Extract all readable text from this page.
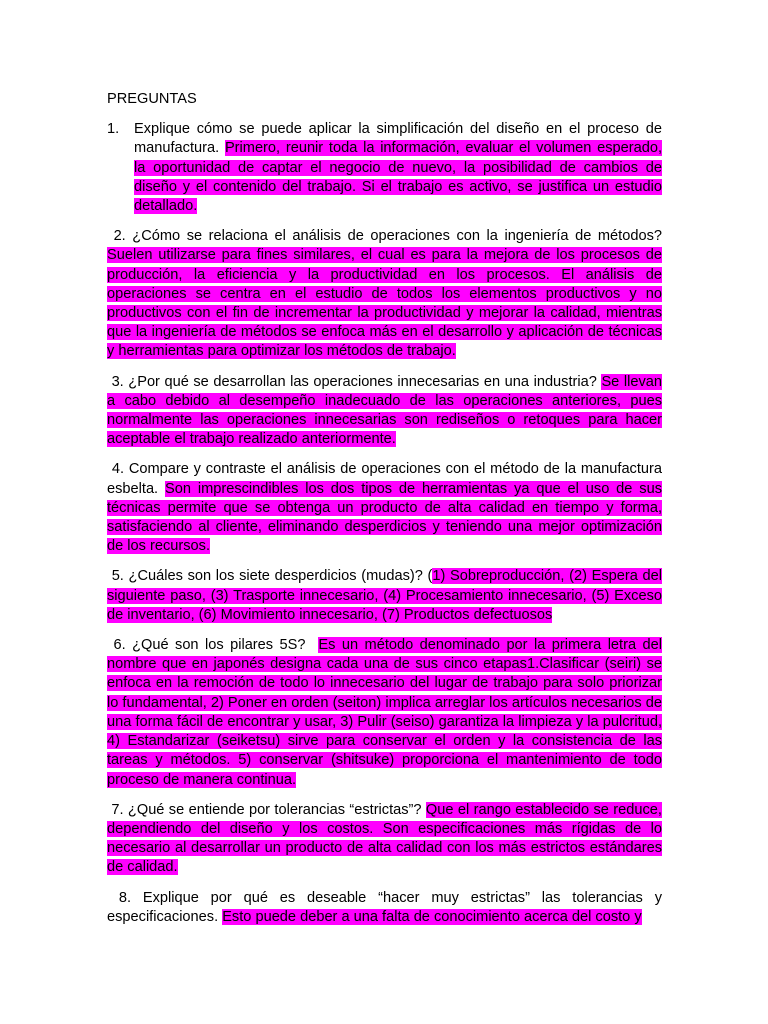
PREGUNTAS

1. Explique cómo se puede aplicar la simplificación del diseño en el proceso de manufactura. Primero, reunir toda la información, evaluar el volumen esperado, la oportunidad de captar el negocio de nuevo, la posibilidad de cambios de diseño y el contenido del trabajo. Si el trabajo es activo, se justifica un estudio detallado.

2. ¿Cómo se relaciona el análisis de operaciones con la ingeniería de métodos? Suelen utilizarse para fines similares, el cual es para la mejora de los procesos de producción, la eficiencia y la productividad en los procesos. El análisis de operaciones se centra en el estudio de todos los elementos productivos y no productivos con el fin de incrementar la productividad y mejorar la calidad, mientras que la ingeniería de métodos se enfoca más en el desarrollo y aplicación de técnicas y herramientas para optimizar los métodos de trabajo.

3. ¿Por qué se desarrollan las operaciones innecesarias en una industria? Se llevan a cabo debido al desempeño inadecuado de las operaciones anteriores, pues normalmente las operaciones innecesarias son rediseños o retoques para hacer aceptable el trabajo realizado anteriormente.

4. Compare y contraste el análisis de operaciones con el método de la manufactura esbelta. Son imprescindibles los dos tipos de herramientas ya que el uso de sus técnicas permite que se obtenga un producto de alta calidad en tiempo y forma, satisfaciendo al cliente, eliminando desperdicios y teniendo una mejor optimización de los recursos.

5. ¿Cuáles son los siete desperdicios (mudas)? (1) Sobreproducción, (2) Espera del siguiente paso, (3) Trasporte innecesario, (4) Procesamiento innecesario, (5) Exceso de inventario, (6) Movimiento innecesario, (7) Productos defectuosos

6. ¿Qué son los pilares 5S? Es un método denominado por la primera letra del nombre que en japonés designa cada una de sus cinco etapas1.Clasificar (seiri) se enfoca en la remoción de todo lo innecesario del lugar de trabajo para solo priorizar lo fundamental, 2) Poner en orden (seiton) implica arreglar los artículos necesarios de una forma fácil de encontrar y usar, 3) Pulir (seiso) garantiza la limpieza y la pulcritud, 4) Estandarizar (seiketsu) sirve para conservar el orden y la consistencia de las tareas y métodos. 5) conservar (shitsuke) proporciona el mantenimiento de todo proceso de manera continua.

7. ¿Qué se entiende por tolerancias “estrictas”? Que el rango establecido se reduce, dependiendo del diseño y los costos. Son especificaciones más rígidas de lo necesario al desarrollar un producto de alta calidad con los más estrictos estándares de calidad.

8. Explique por qué es deseable “hacer muy estrictas” las tolerancias y especificaciones. Esto puede deber a una falta de conocimiento acerca del costo y
